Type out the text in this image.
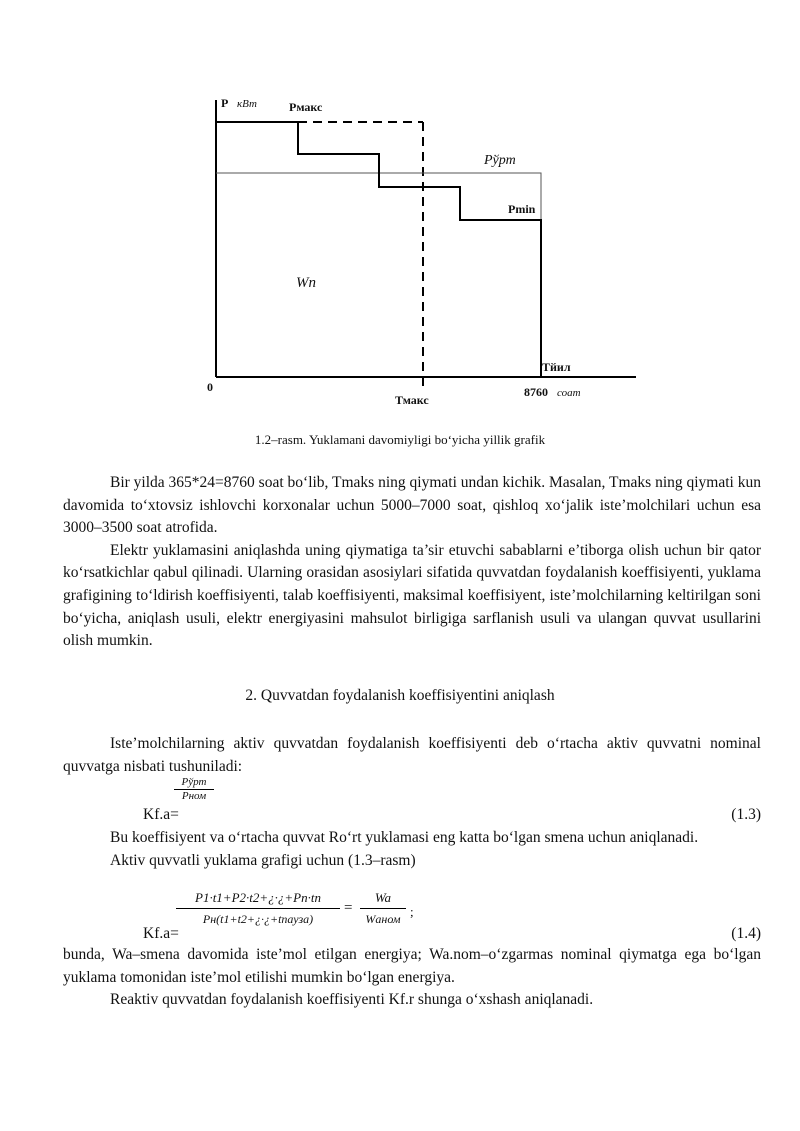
Р кВт	Рмакс
Рўрт
Pmin
Wп
0
Тмакс
Тйил
8760 соат
1.2–rasm. Yuklamani davomiyligi bo‘yicha yillik grafik

Bir yilda 365*24=8760 soat bo‘lib, Tmaks ning qiymati undan kichik. Masalan, Tmaks ning qiymati kun davomida to‘xtovsiz ishlovchi korxonalar uchun 5000–7000 soat, qishloq xo‘jalik iste’molchilari uchun esa 3000–3500 soat atrofida.

Elektr yuklamasini aniqlashda uning qiymatiga ta’sir etuvchi sabablarni e’tiborga olish uchun bir qator ko‘rsatkichlar qabul qilinadi. Ularning orasidan asosiylari sifatida quvvatdan foydalanish koeffisiyenti, yuklama grafigining to‘ldirish koeffisiyenti, talab koeffisiyenti, maksimal koeffisiyent, iste’molchilarning keltirilgan soni bo‘yicha, aniqlash usuli, elektr energiyasini mahsulot birligiga sarflanish usuli va ulangan quvvat usullarini olish mumkin.

2. Quvvatdan foydalanish koeffisiyentini aniqlash

Iste’molchilarning aktiv quvvatdan foydalanish koeffisiyenti deb o‘rtacha aktiv quvvatni nominal quvvatga nisbati tushuniladi:

Pўрт
Pном
Kf.a=	(1.3)

Bu koeffisiyent va o‘rtacha quvvat Ro‘rt yuklamasi eng katta bo‘lgan smena uchun aniqlanadi.

Aktiv quvvatli yuklama grafigi uchun (1.3–rasm)

P1·t1+P2·t2+¿·¿+Pn·tn
Pн(t1+t2+¿·¿+tпауза)
=
Wa
Wаном ;
Kf.a=	(1.4)

bunda, Wa–smena davomida iste’mol etilgan energiya; Wa.nom–o‘zgarmas nominal qiymatga ega bo‘lgan yuklama tomonidan iste’mol etilishi mumkin bo‘lgan energiya.

Reaktiv quvvatdan foydalanish koeffisiyenti Kf.r shunga o‘xshash aniqlanadi.
